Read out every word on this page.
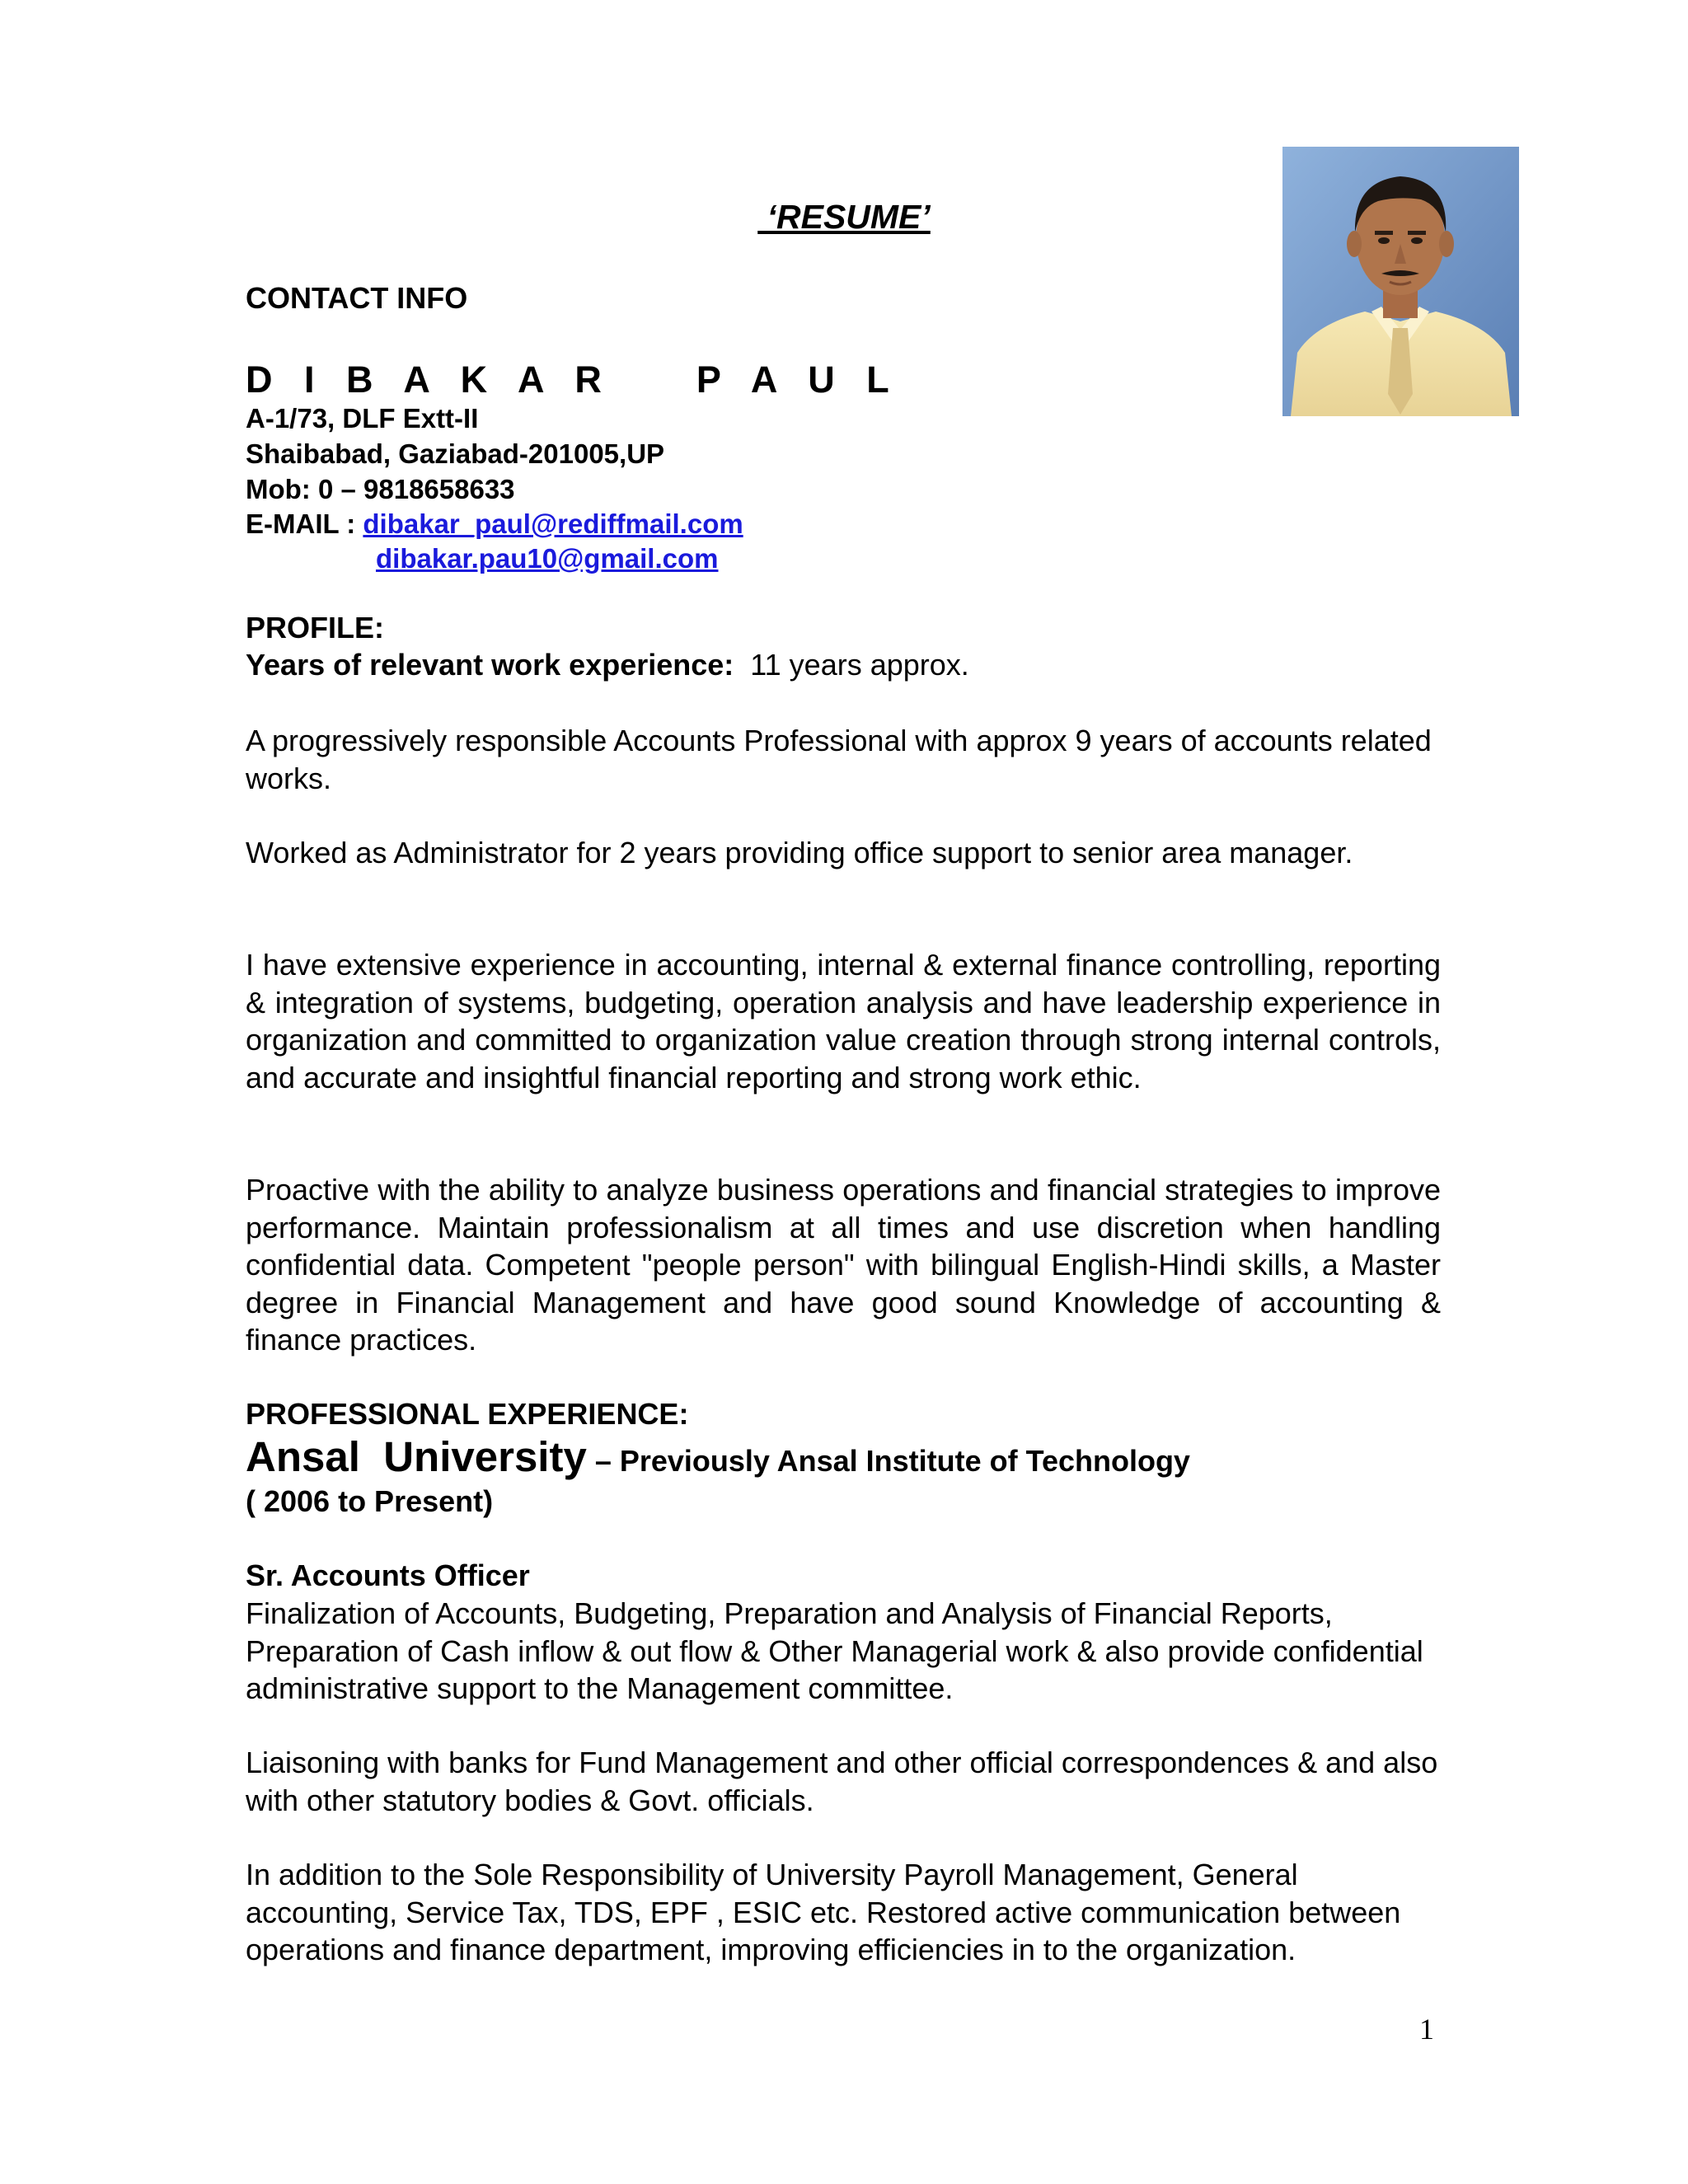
‘RESUME’
CONTACT INFO
D I B A K A R    P A U L
A-1/73, DLF Extt-II
Shaibabad, Gaziabad-201005,UP
Mob: 0 – 9818658633
E-MAIL : dibakar_paul@rediffmail.com
dibakar.pau10@gmail.com
PROFILE:
Years of relevant work experience:  11 years approx.
A progressively responsible Accounts Professional with approx 9 years of accounts related works.
Worked as Administrator for 2 years providing office support to senior area manager.
I have extensive experience in accounting, internal & external finance controlling, reporting & integration of systems, budgeting, operation analysis and have leadership experience in organization and committed to organization value creation through strong internal controls, and accurate and insightful financial reporting and strong work ethic.
Proactive with the ability to analyze business operations and financial strategies to improve performance. Maintain professionalism at all times and use discretion when handling confidential data. Competent "people person" with bilingual English-Hindi skills, a Master degree in Financial Management and have good sound Knowledge of accounting & finance practices.
PROFESSIONAL EXPERIENCE:
Ansal  University – Previously Ansal Institute of Technology
( 2006 to Present)
Sr. Accounts Officer
Finalization of Accounts, Budgeting, Preparation and Analysis of Financial Reports, Preparation of Cash inflow & out flow & Other Managerial work & also provide confidential administrative support to the Management committee.
Liaisoning with banks for Fund Management and other official correspondences & and also with other statutory bodies & Govt. officials.
In addition to the Sole Responsibility of University Payroll Management, General accounting, Service Tax, TDS, EPF , ESIC etc. Restored active communication between operations and finance department, improving efficiencies in to the organization.
1
